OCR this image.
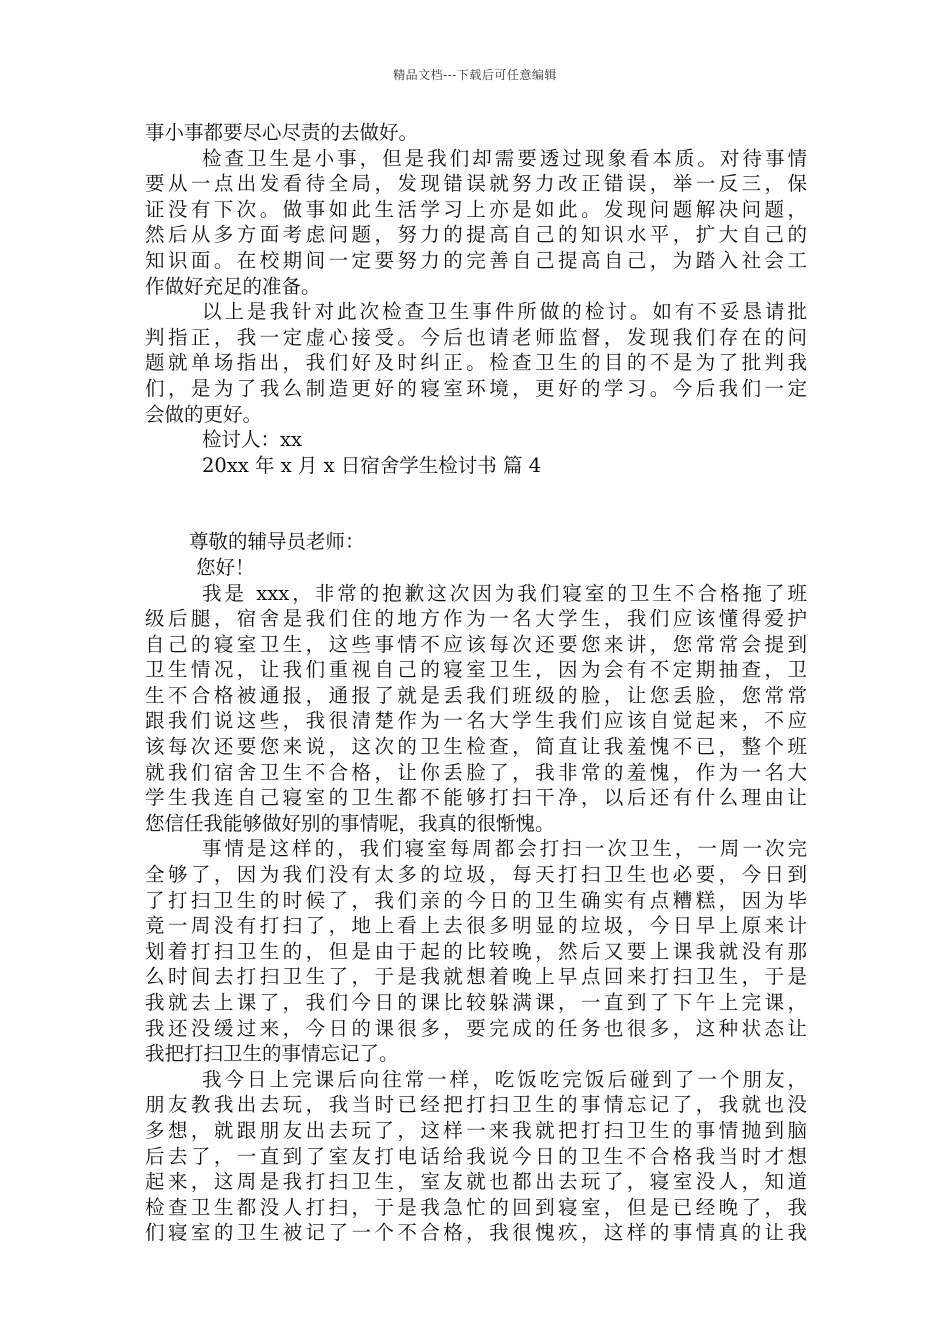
精品文档---下载后可任意编辑
事小事都要尽心尽责的去做好。
检查卫生是小事，但是我们却需要透过现象看本质。对待事情
要从一点出发看待全局，发现错误就努力改正错误，举一反三，保
证没有下次。做事如此生活学习上亦是如此。发现问题解决问题，
然后从多方面考虑问题，努力的提高自己的知识水平，扩大自己的
知识面。在校期间一定要努力的完善自己提高自己，为踏入社会工
作做好充足的准备。
以上是我针对此次检查卫生事件所做的检讨。如有不妥恳请批
判指正，我一定虚心接受。今后也请老师监督，发现我们存在的问
题就单场指出，我们好及时纠正。检查卫生的目的不是为了批判我
们，是为了我么制造更好的寝室环境，更好的学习。今后我们一定
会做的更好。
检讨人：xx
20xx 年 x 月 x 日宿舍学生检讨书 篇 4
尊敬的辅导员老师：
您好！
我是 xxx，非常的抱歉这次因为我们寝室的卫生不合格拖了班
级后腿，宿舍是我们住的地方作为一名大学生，我们应该懂得爱护
自己的寝室卫生，这些事情不应该每次还要您来讲，您常常会提到
卫生情况，让我们重视自己的寝室卫生，因为会有不定期抽查，卫
生不合格被通报，通报了就是丢我们班级的脸，让您丢脸，您常常
跟我们说这些，我很清楚作为一名大学生我们应该自觉起来，不应
该每次还要您来说，这次的卫生检查，简直让我羞愧不已，整个班
就我们宿舍卫生不合格，让你丢脸了，我非常的羞愧，作为一名大
学生我连自己寝室的卫生都不能够打扫干净，以后还有什么理由让
您信任我能够做好别的事情呢，我真的很惭愧。
事情是这样的，我们寝室每周都会打扫一次卫生，一周一次完
全够了，因为我们没有太多的垃圾，每天打扫卫生也必要，今日到
了打扫卫生的时候了，我们亲的今日的卫生确实有点糟糕，因为毕
竟一周没有打扫了，地上看上去很多明显的垃圾，今日早上原来计
划着打扫卫生的，但是由于起的比较晚，然后又要上课我就没有那
么时间去打扫卫生了，于是我就想着晚上早点回来打扫卫生，于是
我就去上课了，我们今日的课比较躲满课，一直到了下午上完课，
我还没缓过来，今日的课很多，要完成的任务也很多，这种状态让
我把打扫卫生的事情忘记了。
我今日上完课后向往常一样，吃饭吃完饭后碰到了一个朋友，
朋友教我出去玩，我当时已经把打扫卫生的事情忘记了，我就也没
多想，就跟朋友出去玩了，这样一来我就把打扫卫生的事情抛到脑
后去了，一直到了室友打电话给我说今日的卫生不合格我当时才想
起来，这周是我打扫卫生，室友就也都出去玩了，寝室没人，知道
检查卫生都没人打扫，于是我急忙的回到寝室，但是已经晚了，我
们寝室的卫生被记了一个不合格，我很愧疚，这样的事情真的让我
